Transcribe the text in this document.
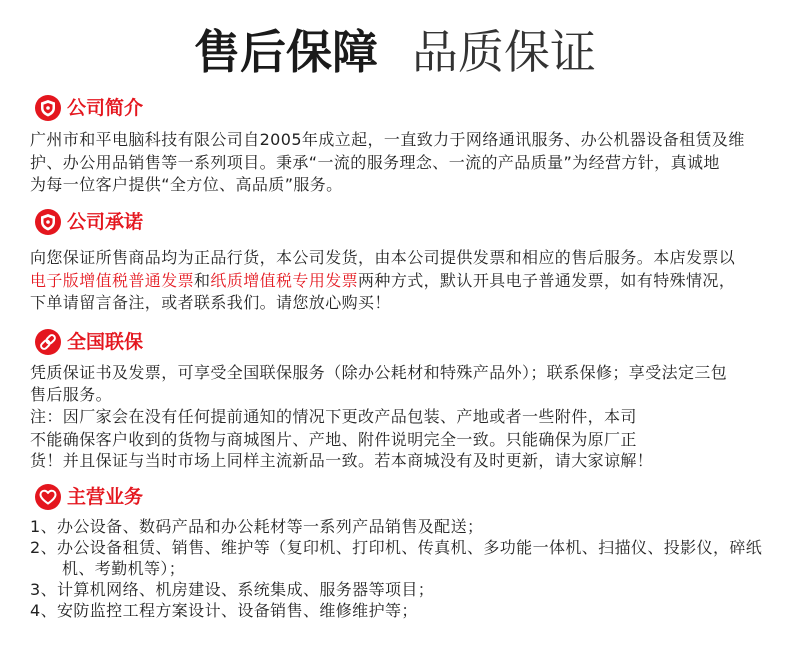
售后保障 品质保证
公司简介
广州市和平电脑科技有限公司自2005年成立起，一直致力于网络通讯服务、办公机器设备租赁及维
护、办公用品销售等一系列项目。秉承“一流的服务理念、一流的产品质量”为经营方针，真诚地
为每一位客户提供“全方位、高品质”服务。
公司承诺
向您保证所售商品均为正品行货，本公司发货，由本公司提供发票和相应的售后服务。本店发票以
电子版增值税普通发票和纸质增值税专用发票两种方式，默认开具电子普通发票，如有特殊情况，
下单请留言备注，或者联系我们。请您放心购买！
全国联保
凭质保证书及发票，可享受全国联保服务（除办公耗材和特殊产品外）；联系保修；享受法定三包
售后服务。
注：因厂家会在没有任何提前通知的情况下更改产品包装、产地或者一些附件，本司
不能确保客户收到的货物与商城图片、产地、附件说明完全一致。只能确保为原厂正
货！并且保证与当时市场上同样主流新品一致。若本商城没有及时更新，请大家谅解！
主营业务
1、办公设备、数码产品和办公耗材等一系列产品销售及配送；
2、办公设备租赁、销售、维护等（复印机、打印机、传真机、多功能一体机、扫描仪、投影仪，碎纸
机、考勤机等）；
3、计算机网络、机房建设、系统集成、服务器等项目；
4、安防监控工程方案设计、设备销售、维修维护等；
